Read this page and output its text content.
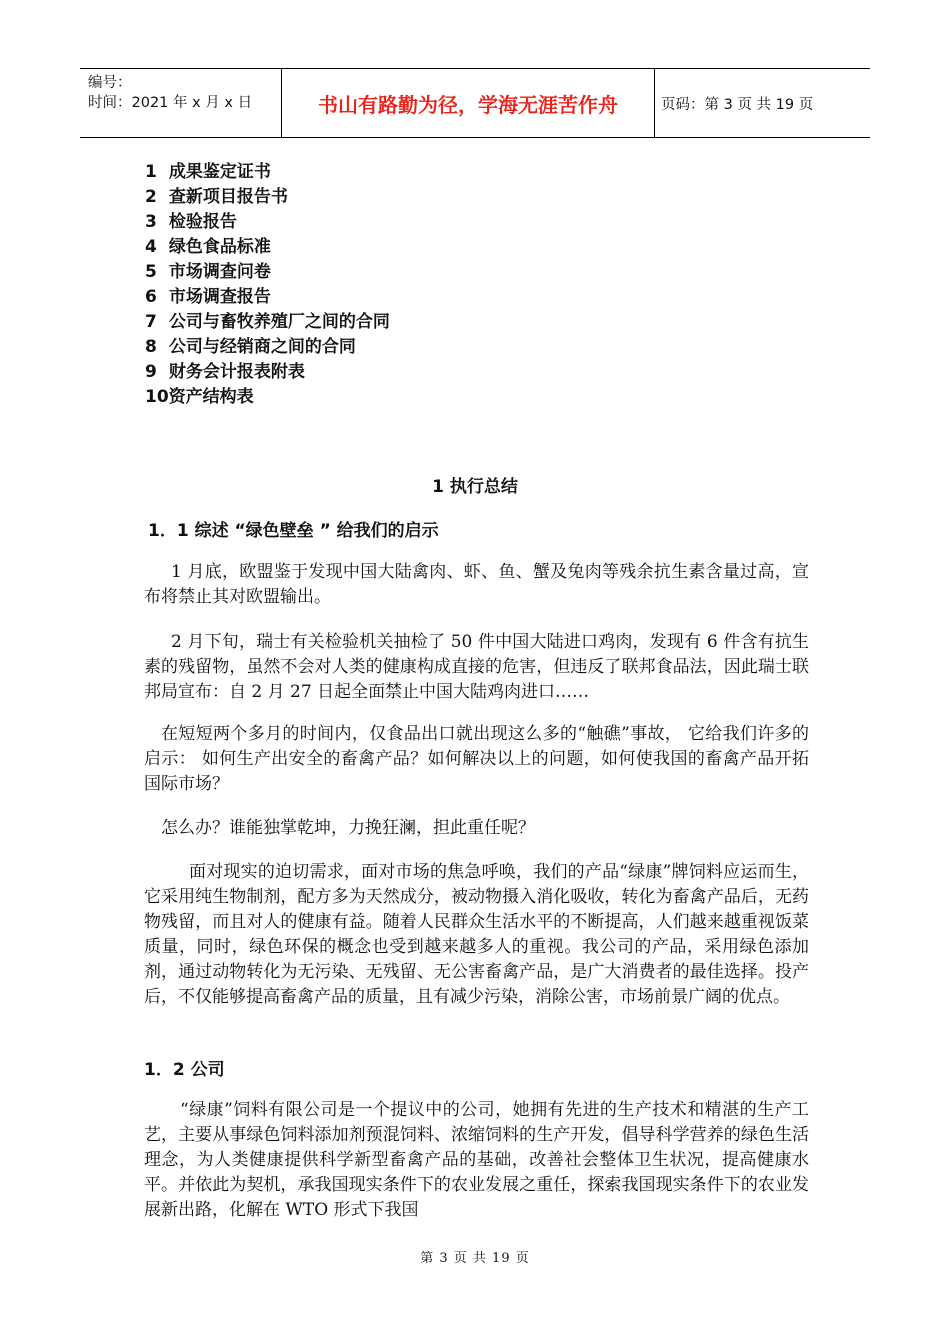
编号：
时间：2021 年 x 月 x 日	书山有路勤为径，学海无涯苦作舟	页码：第 3 页 共 19 页
1 成果鉴定证书
2 查新项目报告书
3 检验报告
4 绿色食品标准
5 市场调查问卷
6 市场调查报告
7 公司与畜牧养殖厂之间的合同
8 公司与经销商之间的合同
9 财务会计报表附表
10资产结构表
1 执行总结
1．1 综述 “绿色壁垒 ” 给我们的启示

1 月底，欧盟鉴于发现中国大陆禽肉、虾、鱼、蟹及兔肉等残余抗生素含量过高，宣布将禁止其对欧盟输出。

2 月下旬，瑞士有关检验机关抽检了 50 件中国大陆进口鸡肉，发现有 6 件含有抗生素的残留物，虽然不会对人类的健康构成直接的危害，但违反了联邦食品法，因此瑞士联邦局宣布：自 2 月 27 日起全面禁止中国大陆鸡肉进口……

在短短两个多月的时间内，仅食品出口就出现这么多的“触礁”事故， 它给我们许多的启示： 如何生产出安全的畜禽产品？如何解决以上的问题，如何使我国的畜禽产品开拓国际市场？

怎么办？谁能独掌乾坤，力挽狂澜，担此重任呢？

面对现实的迫切需求，面对市场的焦急呼唤，我们的产品“绿康”牌饲料应运而生，它采用纯生物制剂，配方多为天然成分，被动物摄入消化吸收，转化为畜禽产品后，无药物残留，而且对人的健康有益。随着人民群众生活水平的不断提高，人们越来越重视饭菜质量，同时，绿色环保的概念也受到越来越多人的重视。我公司的产品，采用绿色添加剂，通过动物转化为无污染、无残留、无公害畜禽产品，是广大消费者的最佳选择。投产后，不仅能够提高畜禽产品的质量，且有减少污染，消除公害，市场前景广阔的优点。

1．2 公司

“绿康”饲料有限公司是一个提议中的公司，她拥有先进的生产技术和精湛的生产工艺，主要从事绿色饲料添加剂预混饲料、浓缩饲料的生产开发，倡导科学营养的绿色生活理念，为人类健康提供科学新型畜禽产品的基础，改善社会整体卫生状况，提高健康水平。并依此为契机，承我国现实条件下的农业发展之重任，探索我国现实条件下的农业发展新出路，化解在 WTO 形式下我国

第 3 页 共 19 页
